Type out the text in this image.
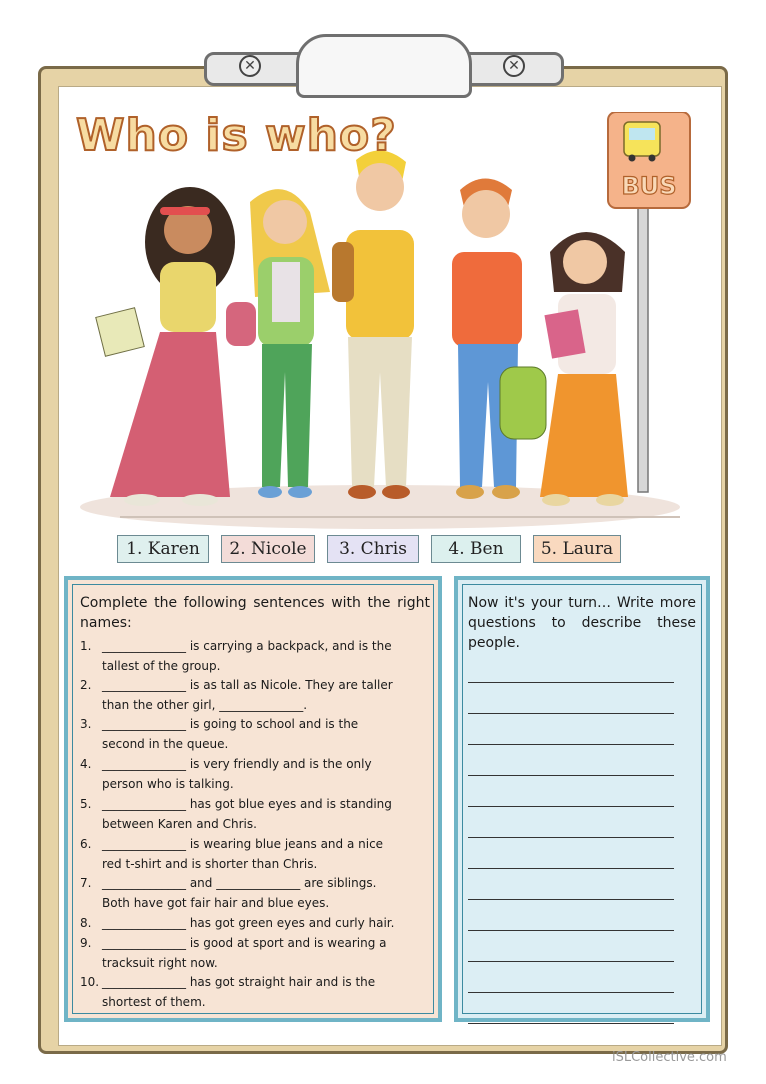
✕	✕
BUS
Who is who?
1. Karen	2. Nicole	3. Chris	4. Ben	5. Laura
Complete the following sentences with the right names:
1. ______________ is carrying a backpack, and is the
tallest of the group.
2. ______________ is as tall as Nicole. They are taller
than the other girl, ______________.
3. ______________ is going to school and is the
second in the queue.
4. ______________ is very friendly and is the only
person who is talking.
5. ______________ has got blue eyes and is standing
between Karen and Chris.
6. ______________ is wearing blue jeans and a nice
red t-shirt and is shorter than Chris.
7. ______________ and ______________ are siblings.
Both have got fair hair and blue eyes.
8. ______________ has got green eyes and curly hair.
9. ______________ is good at sport and is wearing a
tracksuit right now.
10. ______________ has got straight hair and is the
shortest of them.
Now it's your turn… Write more questions to describe these people.
iSLCollective.com
